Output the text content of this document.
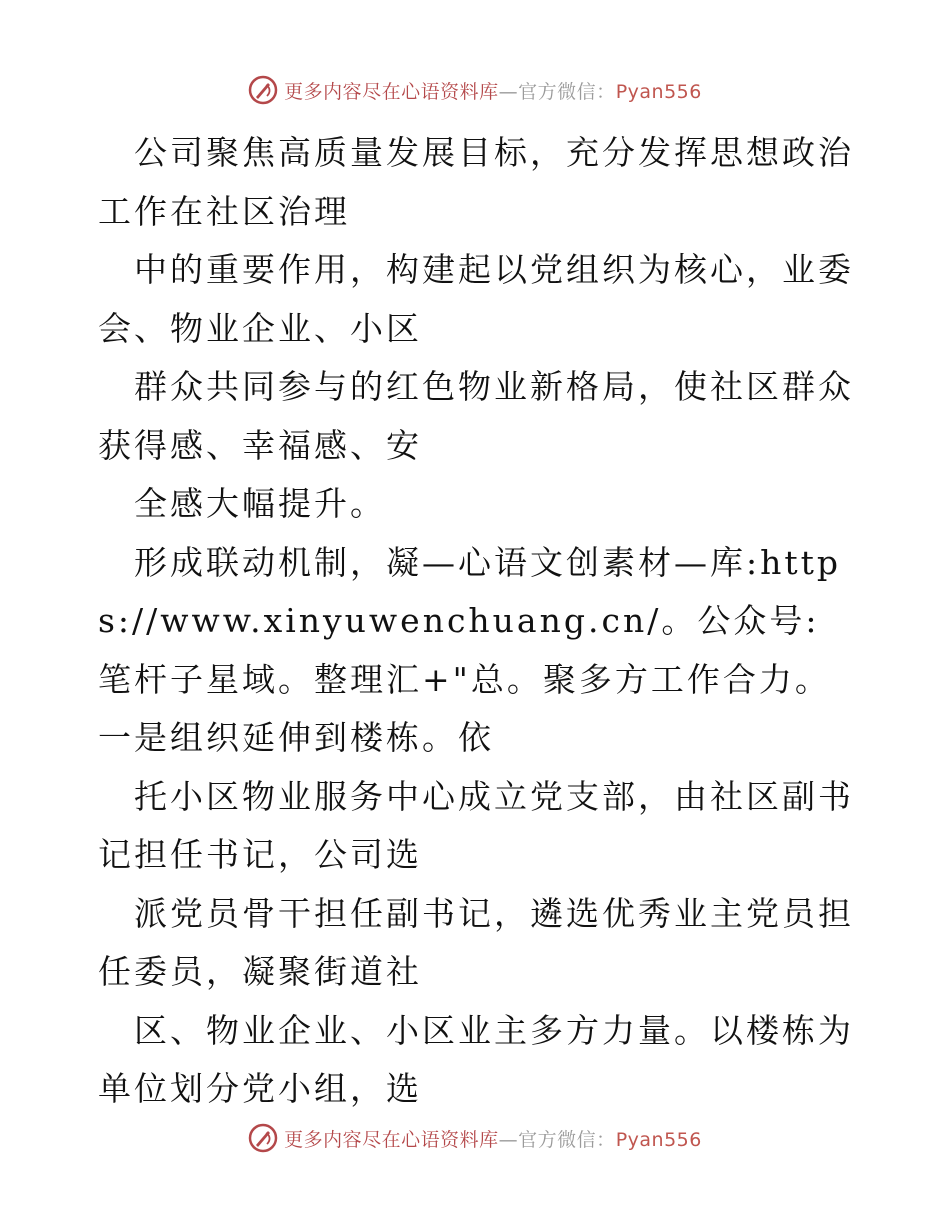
更多内容尽在心语资料库—官方微信：Pyan556

公司聚焦高质量发展目标，充分发挥思想政治工作在社区治理

中的重要作用，构建起以党组织为核心，业委会、物业企业、小区

群众共同参与的红色物业新格局，使社区群众获得感、幸福感、安

全感大幅提升。

形成联动机制，凝—心语文创素材—库:https://www.xinyuwenchuang.cn/。公众号: 笔杆子星域。整理汇+"总。聚多方工作合力。一是组织延伸到楼栋。依

托小区物业服务中心成立党支部，由社区副书记担任书记，公司选

派党员骨干担任副书记，遴选优秀业主党员担任委员，凝聚街道社

区、物业企业、小区业主多方力量。以楼栋为单位划分党小组，选

更多内容尽在心语资料库—官方微信：Pyan556
